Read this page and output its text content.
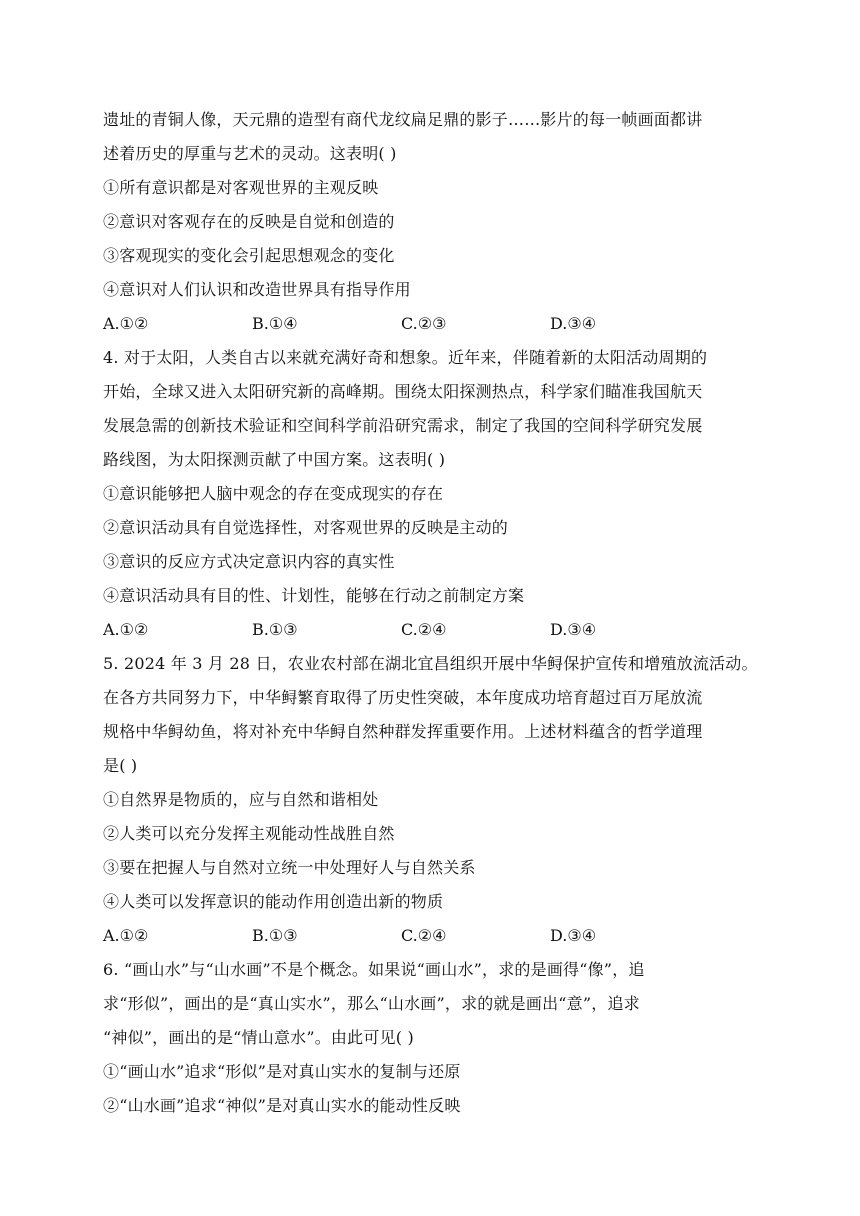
遗址的青铜人像，天元鼎的造型有商代龙纹扁足鼎的影子……影片的每一帧画面都讲
述着历史的厚重与艺术的灵动。这表明( )
①所有意识都是对客观世界的主观反映
②意识对客观存在的反映是自觉和创造的
③客观现实的变化会引起思想观念的变化
④意识对人们认识和改造世界具有指导作用
A.①②	B.①④	C.②③	D.③④
4. 对于太阳，人类自古以来就充满好奇和想象。近年来，伴随着新的太阳活动周期的
开始，全球又进入太阳研究新的高峰期。围绕太阳探测热点，科学家们瞄准我国航天
发展急需的创新技术验证和空间科学前沿研究需求，制定了我国的空间科学研究发展
路线图，为太阳探测贡献了中国方案。这表明( )
①意识能够把人脑中观念的存在变成现实的存在
②意识活动具有自觉选择性，对客观世界的反映是主动的
③意识的反应方式决定意识内容的真实性
④意识活动具有目的性、计划性，能够在行动之前制定方案
A.①②	B.①③	C.②④	D.③④
5. 2024 年 3 月 28 日，农业农村部在湖北宜昌组织开展中华鲟保护宣传和增殖放流活动。
在各方共同努力下，中华鲟繁育取得了历史性突破，本年度成功培育超过百万尾放流
规格中华鲟幼鱼，将对补充中华鲟自然种群发挥重要作用。上述材料蕴含的哲学道理
是( )
①自然界是物质的，应与自然和谐相处
②人类可以充分发挥主观能动性战胜自然
③要在把握人与自然对立统一中处理好人与自然关系
④人类可以发挥意识的能动作用创造出新的物质
A.①②	B.①③	C.②④	D.③④
6. “画山水”与“山水画”不是个概念。如果说“画山水”，求的是画得“像”，追
求“形似”，画出的是“真山实水”，那么“山水画”，求的就是画出“意”，追求
“神似”，画出的是“情山意水”。由此可见( )
①“画山水”追求“形似”是对真山实水的复制与还原
②“山水画”追求“神似”是对真山实水的能动性反映
